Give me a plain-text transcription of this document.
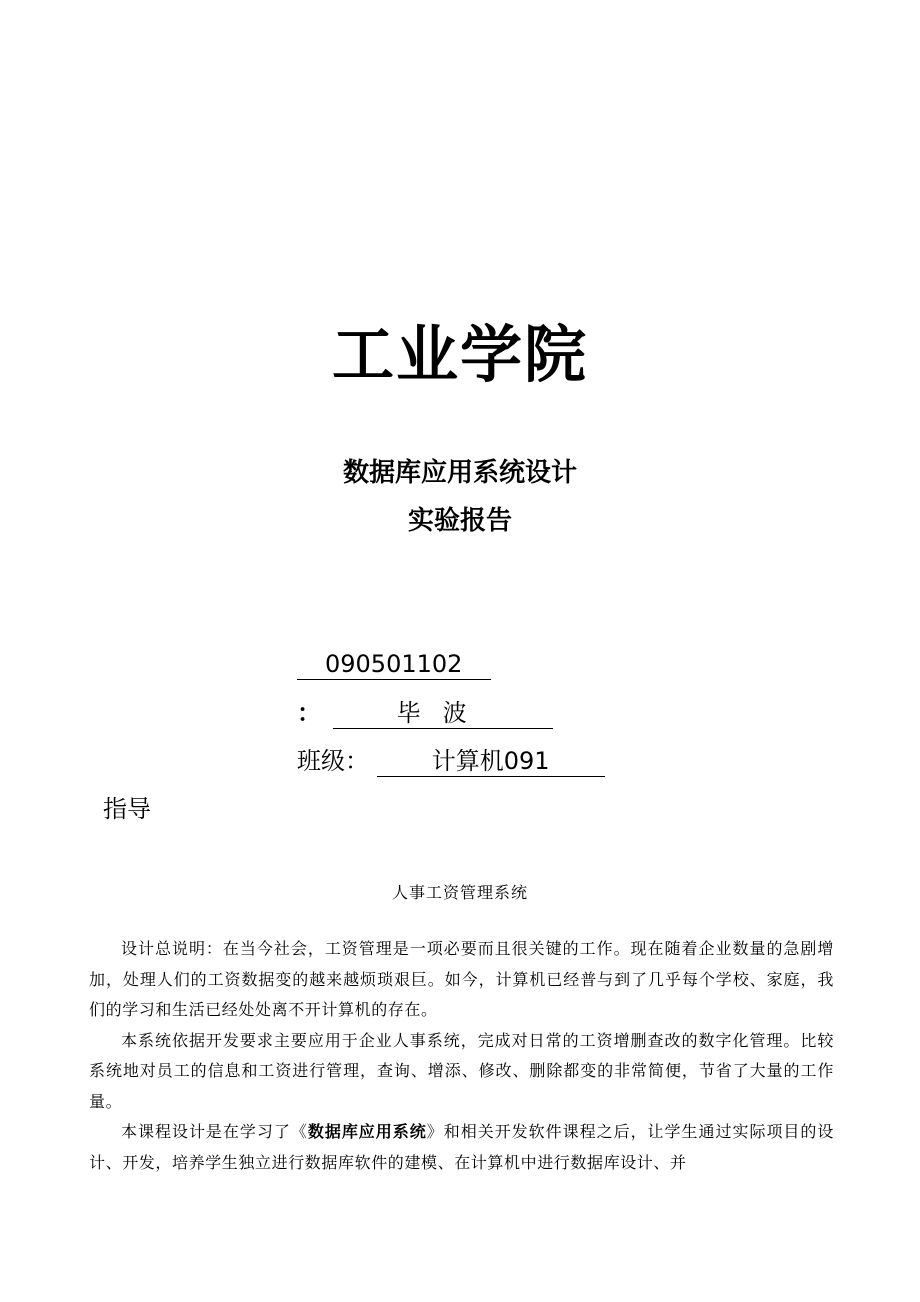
工业学院
数据库应用系统设计
实验报告
090501102
：	毕波
班级：	计算机091
指导
人事工资管理系统

设计总说明：在当今社会，工资管理是一项必要而且很关键的工作。现在随着企业数量的急剧增加，处理人们的工资数据变的越来越烦琐艰巨。如今，计算机已经普与到了几乎每个学校、家庭，我们的学习和生活已经处处离不开计算机的存在。

本系统依据开发要求主要应用于企业人事系统，完成对日常的工资增删查改的数字化管理。比较系统地对员工的信息和工资进行管理，查询、增添、修改、删除都变的非常简便，节省了大量的工作量。

本课程设计是在学习了《数据库应用系统》和相关开发软件课程之后，让学生通过实际项目的设计、开发，培养学生独立进行数据库软件的建模、在计算机中进行数据库设计、并
